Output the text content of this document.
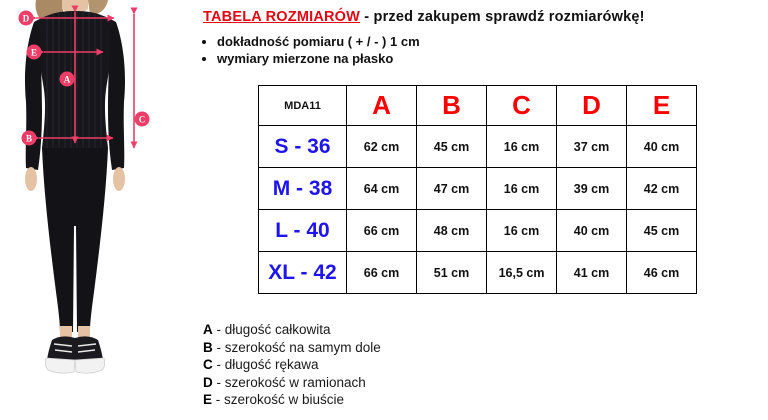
A
B
C
D
E
TABELA ROZMIARÓW - przed zakupem sprawdź rozmiarówkę!
• dokładność pomiaru ( + / - ) 1 cm
• wymiary mierzone na płasko
MDA11	A	B	C	D	E
S - 36	62 cm	45 cm	16 cm	37 cm	40 cm
M - 38	64 cm	47 cm	16 cm	39 cm	42 cm
L - 40	66 cm	48 cm	16 cm	40 cm	45 cm
XL - 42	66 cm	51 cm	16,5 cm	41 cm	46 cm
A - długość całkowita
B - szerokość na samym dole
C - długość rękawa
D - szerokość w ramionach
E - szerokość w biuście
